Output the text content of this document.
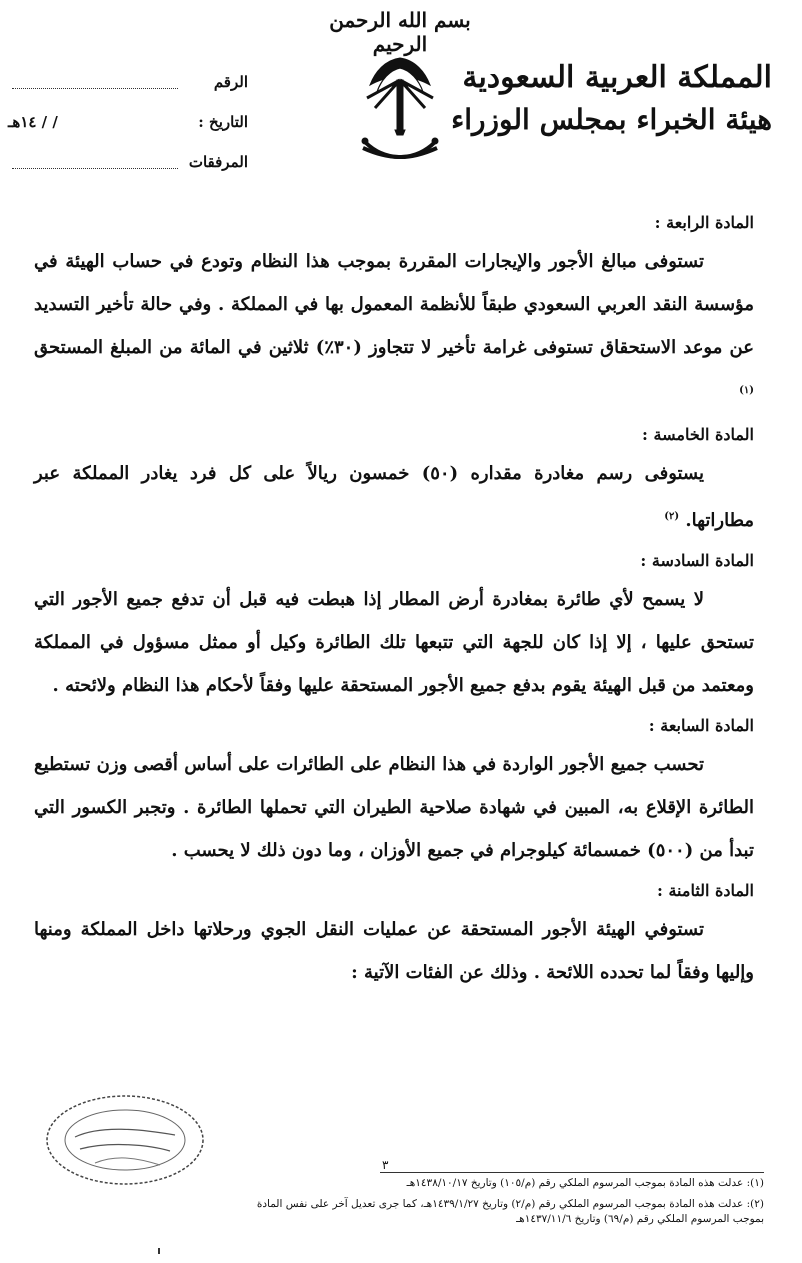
بسم الله الرحمن الرحيم
المملكة العربية السعودية
هيئة الخبراء بمجلس الوزراء
الرقم
التاريخ :
١٤هـ / /
المرفقات

المادة الرابعة :

تستوفى مبالغ الأجور والإيجارات المقررة بموجب هذا النظام وتودع في حساب الهيئة في مؤسسة النقد العربي السعودي طبقاً للأنظمة المعمول بها في المملكة . وفي حالة تأخير التسديد عن موعد الاستحقاق تستوفى غرامة تأخير لا تتجاوز (٣٠٪) ثلاثين في المائة من المبلغ المستحق $^{(١)}$

المادة الخامسة :

يستوفى رسم مغادرة مقداره (٥٠) خمسون ريالاً على كل فرد يغادر المملكة عبر مطاراتها. $^{(٢)}$

المادة السادسة :

لا يسمح لأي طائرة بمغادرة أرض المطار إذا هبطت فيه قبل أن تدفع جميع الأجور التي تستحق عليها ، إلا إذا كان للجهة التي تتبعها تلك الطائرة وكيل أو ممثل مسؤول في المملكة ومعتمد من قبل الهيئة يقوم بدفع جميع الأجور المستحقة عليها وفقاً لأحكام هذا النظام ولائحته .

المادة السابعة :

تحسب جميع الأجور الواردة في هذا النظام على الطائرات على أساس أقصى وزن تستطيع الطائرة الإقلاع به، المبين في شهادة صلاحية الطيران التي تحملها الطائرة . وتجبر الكسور التي تبدأ من (٥٠٠) خمسمائة كيلوجرام في جميع الأوزان ، وما دون ذلك لا يحسب .

المادة الثامنة :

تستوفي الهيئة الأجور المستحقة عن عمليات النقل الجوي ورحلاتها داخل المملكة ومنها وإليها وفقاً لما تحدده اللائحة . وذلك عن الفئات الآتية :

٣

(١): عدلت هذه المادة بموجب المرسوم الملكي رقم (م/١٠٥) وتاريخ ١٤٣٨/١٠/١٧هـ

(٢): عدلت هذه المادة بموجب المرسوم الملكي رقم (م/٢) وتاريخ ١٤٣٩/١/٢٧هـ، كما جرى تعديل آخر على نفس المادة بموجب المرسوم الملكي رقم (م/٦٩) وتاريخ ١٤٣٧/١١/٦هـ
